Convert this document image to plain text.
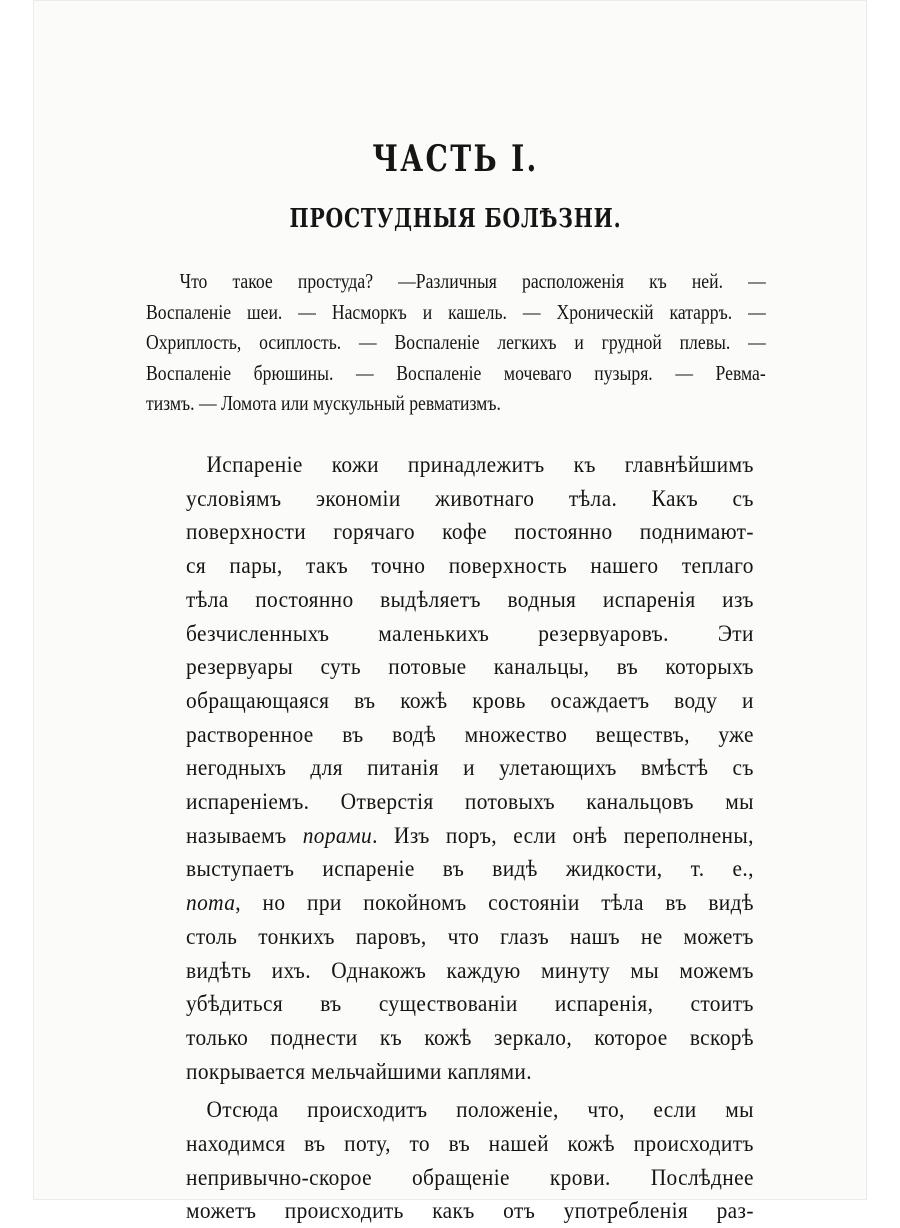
ЧАСТЬ I.
ПРОСТУДНЫЯ БОЛѢЗНИ.
Что такое простуда? —Различныя расположенія къ ней. —
Воспаленіе шеи. — Насморкъ и кашель. — Хроническій катарръ. —
Охриплость, осиплость. — Воспаленіе легкихъ и грудной плевы. —
Воспаленіе брюшины. — Воспаленіе мочеваго пузыря. — Ревма-
тизмъ. — Ломота или мускульный ревматизмъ.
Испареніе кожи принадлежитъ къ главнѣйшимъ
условіямъ экономіи животнаго тѣла. Какъ съ
поверхности горячаго кофе постоянно поднимают-
ся пары, такъ точно поверхность нашего теплаго
тѣла постоянно выдѣляетъ водныя испаренія изъ
безчисленныхъ маленькихъ резервуаровъ. Эти
резервуары суть потовые канальцы, въ которыхъ
обращающаяся въ кожѣ кровь осаждаетъ воду и
растворенное въ водѣ множество веществъ, уже
негодныхъ для питанія и улетающихъ вмѣстѣ съ
испареніемъ. Отверстія потовыхъ канальцовъ мы
называемъ порами. Изъ поръ, если онѣ переполнены,
выступаетъ испареніе въ видѣ жидкости, т. е.,
пота, но при покойномъ состояніи тѣла въ видѣ
столь тонкихъ паровъ, что глазъ нашъ не можетъ
видѣть ихъ. Однакожъ каждую минуту мы можемъ
убѣдиться въ существованіи испаренія, стоитъ
только поднести къ кожѣ зеркало, которое вскорѣ
покрывается мельчайшими каплями.
Отсюда происходитъ положеніе, что, если мы
находимся въ поту, то въ нашей кожѣ происходитъ
непривычно-скорое обращеніе крови. Послѣднее
можетъ происходить какъ отъ употребленія раз-
